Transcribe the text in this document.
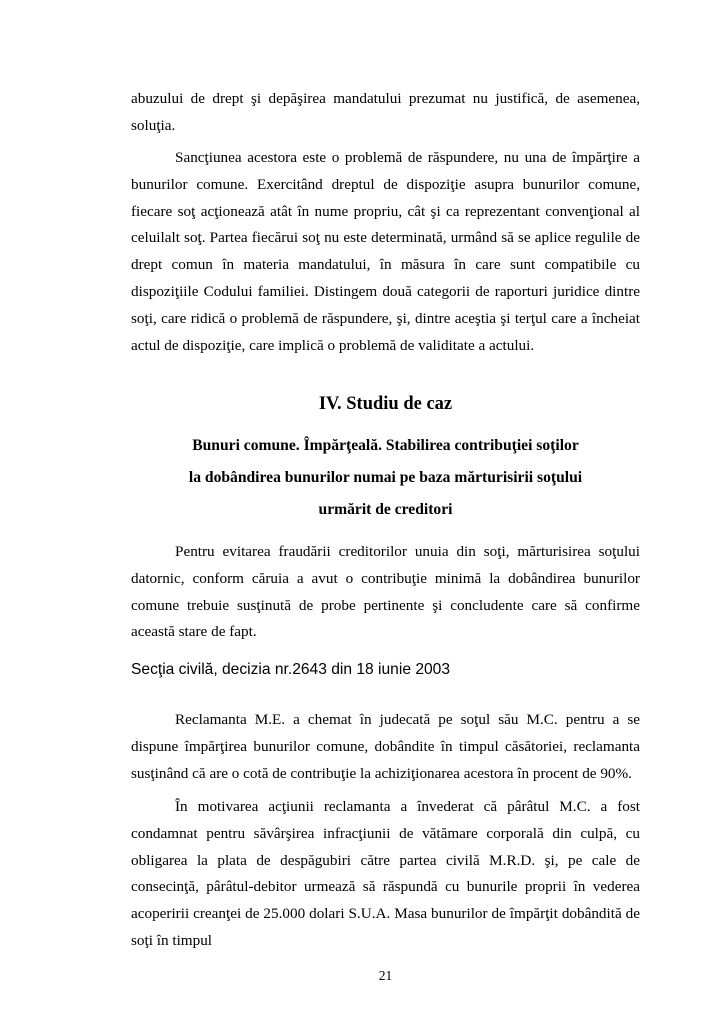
abuzului de drept şi depăşirea mandatului prezumat nu justifică, de asemenea, soluţia.

Sancţiunea acestora este o problemă de răspundere, nu una de împărţire a bunurilor comune. Exercitând dreptul de dispoziţie asupra bunurilor comune, fiecare soţ acţionează atât în nume propriu, cât şi ca reprezentant convenţional al celuilalt soţ. Partea fiecărui soţ nu este determinată, urmând să se aplice regulile de drept comun în materia mandatului, în măsura în care sunt compatibile cu dispoziţiile Codului familiei. Distingem două categorii de raporturi juridice dintre soţi, care ridică o problemă de răspundere, şi, dintre aceştia şi terţul care a încheiat actul de dispoziţie, care implică o problemă de validitate a actului.

IV. Studiu de caz
Bunuri comune. Împărţeală. Stabilirea contribuţiei soţilor
la dobândirea bunurilor numai pe baza mărturisirii soţului
urmărit de creditori

Pentru evitarea fraudării creditorilor unuia din soţi, mărturisirea soţului datornic, conform căruia a avut o contribuţie minimă la dobândirea bunurilor comune trebuie susţinută de probe pertinente şi concludente care să confirme această stare de fapt.

Secţia civilă, decizia nr.2643 din 18 iunie 2003

Reclamanta M.E. a chemat în judecată pe soţul său M.C. pentru a se dispune împărţirea bunurilor comune, dobândite în timpul căsătoriei, reclamanta susţinând că are o cotă de contribuţie la achiziţionarea acestora în procent de 90%.

În motivarea acţiunii reclamanta a învederat că pârâtul M.C. a fost condamnat pentru săvârşirea infracţiunii de vătămare corporală din culpă, cu obligarea la plata de despăgubiri către partea civilă M.R.D. şi, pe cale de consecinţă, pârâtul-debitor urmează să răspundă cu bunurile proprii în vederea acoperirii creanţei de 25.000 dolari S.U.A. Masa bunurilor de împărţit dobândită de soţi în timpul

21
